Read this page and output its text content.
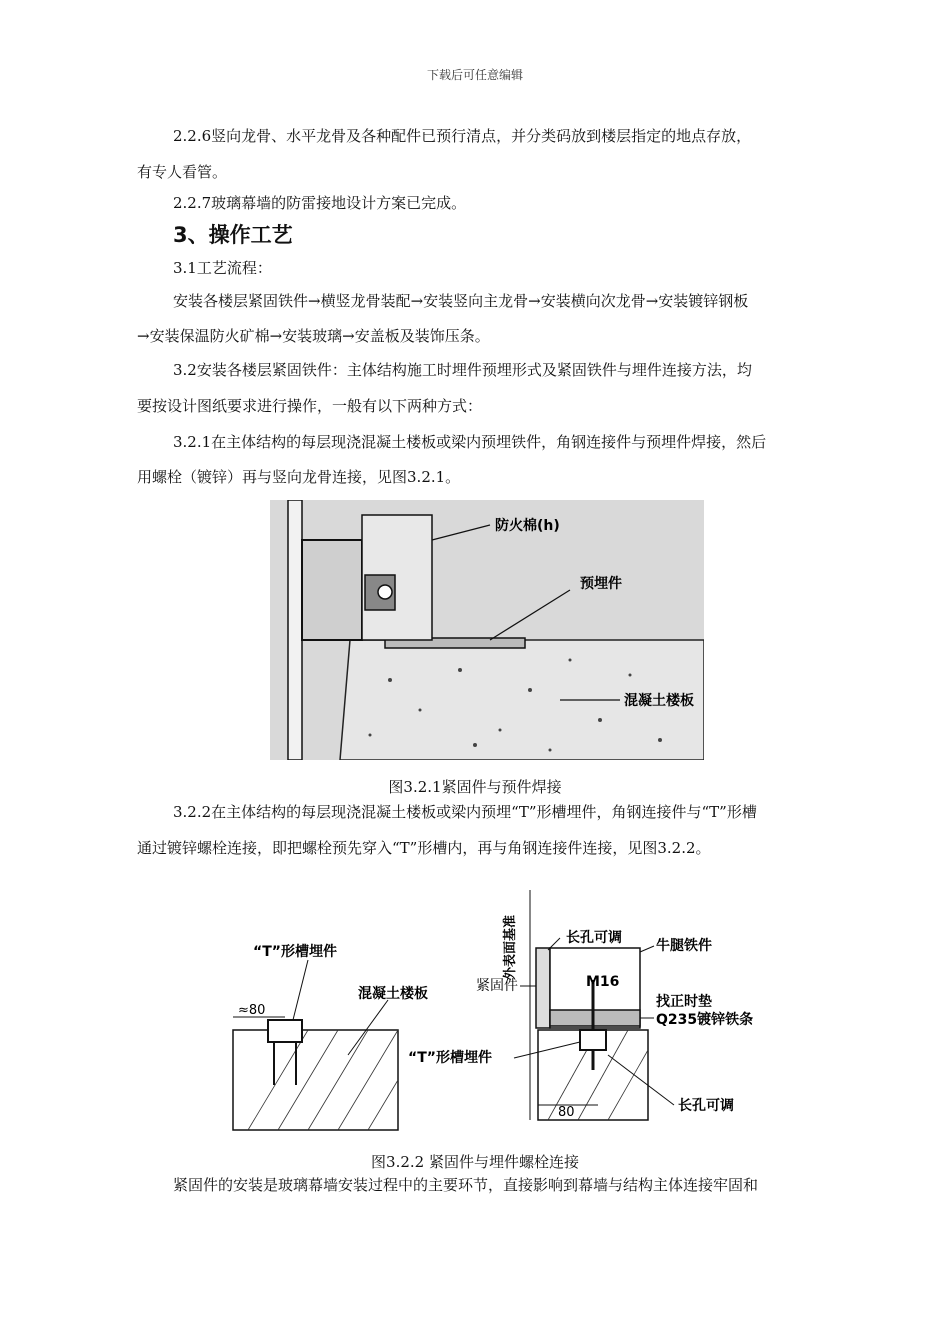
下载后可任意编辑
2.2.6竖向龙骨、水平龙骨及各种配件已预行清点，并分类码放到楼层指定的地点存放，
有专人看管。
2.2.7玻璃幕墙的防雷接地设计方案已完成。
3、操作工艺
3.1工艺流程：
安装各楼层紧固铁件→横竖龙骨装配→安装竖向主龙骨→安装横向次龙骨→安装镀锌钢板
→安装保温防火矿棉→安装玻璃→安盖板及装饰压条。
3.2安装各楼层紧固铁件：主体结构施工时埋件预埋形式及紧固铁件与埋件连接方法，均
要按设计图纸要求进行操作，一般有以下两种方式：
3.2.1在主体结构的每层现浇混凝土楼板或梁内预埋铁件，角钢连接件与预埋件焊接，然后
用螺栓（镀锌）再与竖向龙骨连接，见图3.2.1。
防火棉(h)
预埋件
混凝土楼板
图3.2.1紧固件与预件焊接
3.2.2在主体结构的每层现浇混凝土楼板或梁内预埋“T”形槽埋件，角钢连接件与“T”形槽
通过镀锌螺栓连接，即把螺栓预先穿入“T”形槽内，再与角钢连接件连接，见图3.2.2。
≈80
“T”形槽埋件
混凝土楼板
外表面基准
80
长孔可调 牛腿铁件
紧固件	M16
找正时垫
Q235镀锌铁条
“T”形槽埋件
长孔可调
图3.2.2 紧固件与埋件螺栓连接
紧固件的安装是玻璃幕墙安装过程中的主要环节，直接影响到幕墙与结构主体连接牢固和
